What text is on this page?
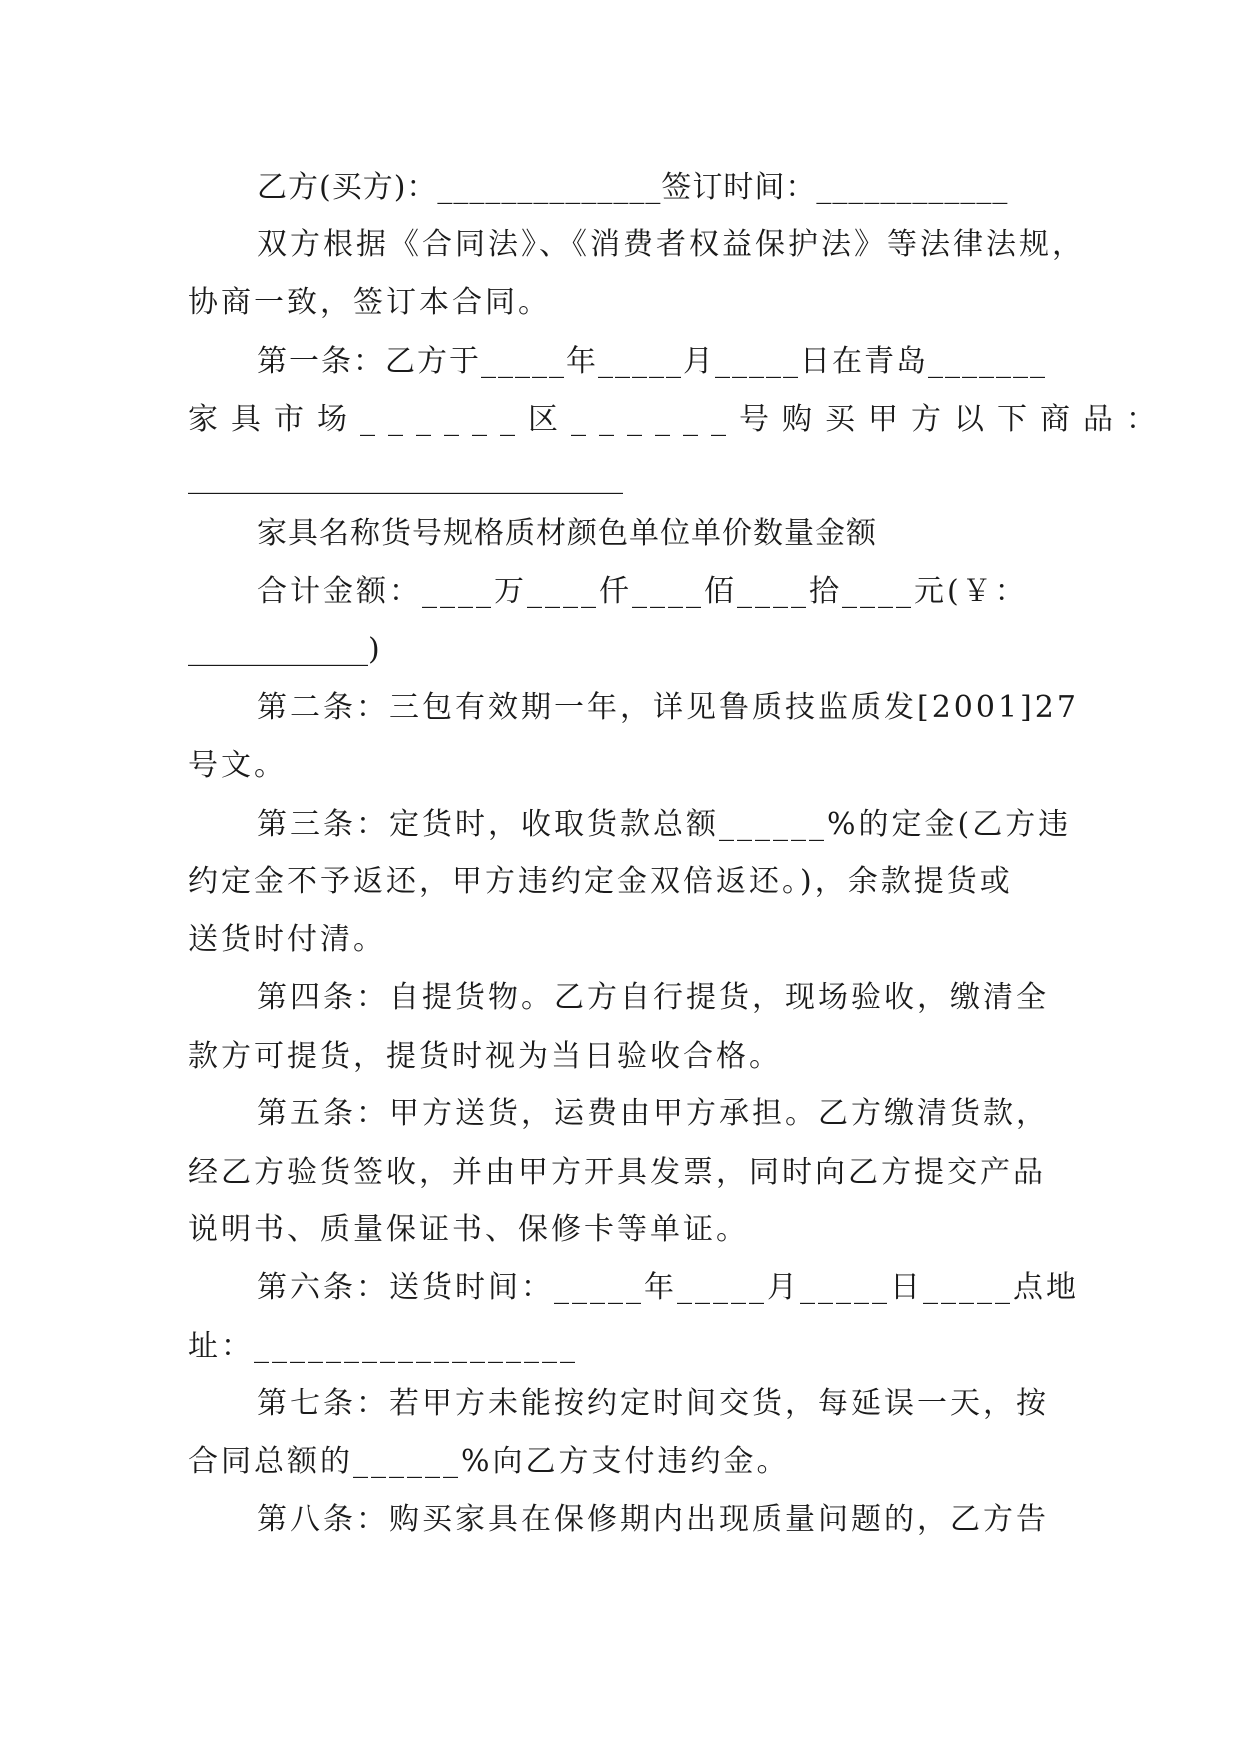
乙方(买方)：______________签订时间：____________
双方根据《合同法》、《消费者权益保护法》等法律法规，
协商一致，签订本合同。
第一条：乙方于_____年_____月_____日在青岛_______
家具市场______区______号购买甲方以下商品：
_____________________________
家具名称货号规格质材颜色单位单价数量金额
合计金额：____万____仟____佰____拾____元(￥：
____________)
第二条：三包有效期一年，详见鲁质技监质发[2001]27
号文。
第三条：定货时，收取货款总额______%的定金(乙方违
约定金不予返还，甲方违约定金双倍返还。)，余款提货或
送货时付清。
第四条：自提货物。乙方自行提货，现场验收，缴清全
款方可提货，提货时视为当日验收合格。
第五条：甲方送货，运费由甲方承担。乙方缴清货款，
经乙方验货签收，并由甲方开具发票，同时向乙方提交产品
说明书、质量保证书、保修卡等单证。
第六条：送货时间：_____年_____月_____日_____点地
址：__________________
第七条：若甲方未能按约定时间交货，每延误一天，按
合同总额的______%向乙方支付违约金。
第八条：购买家具在保修期内出现质量问题的，乙方告
